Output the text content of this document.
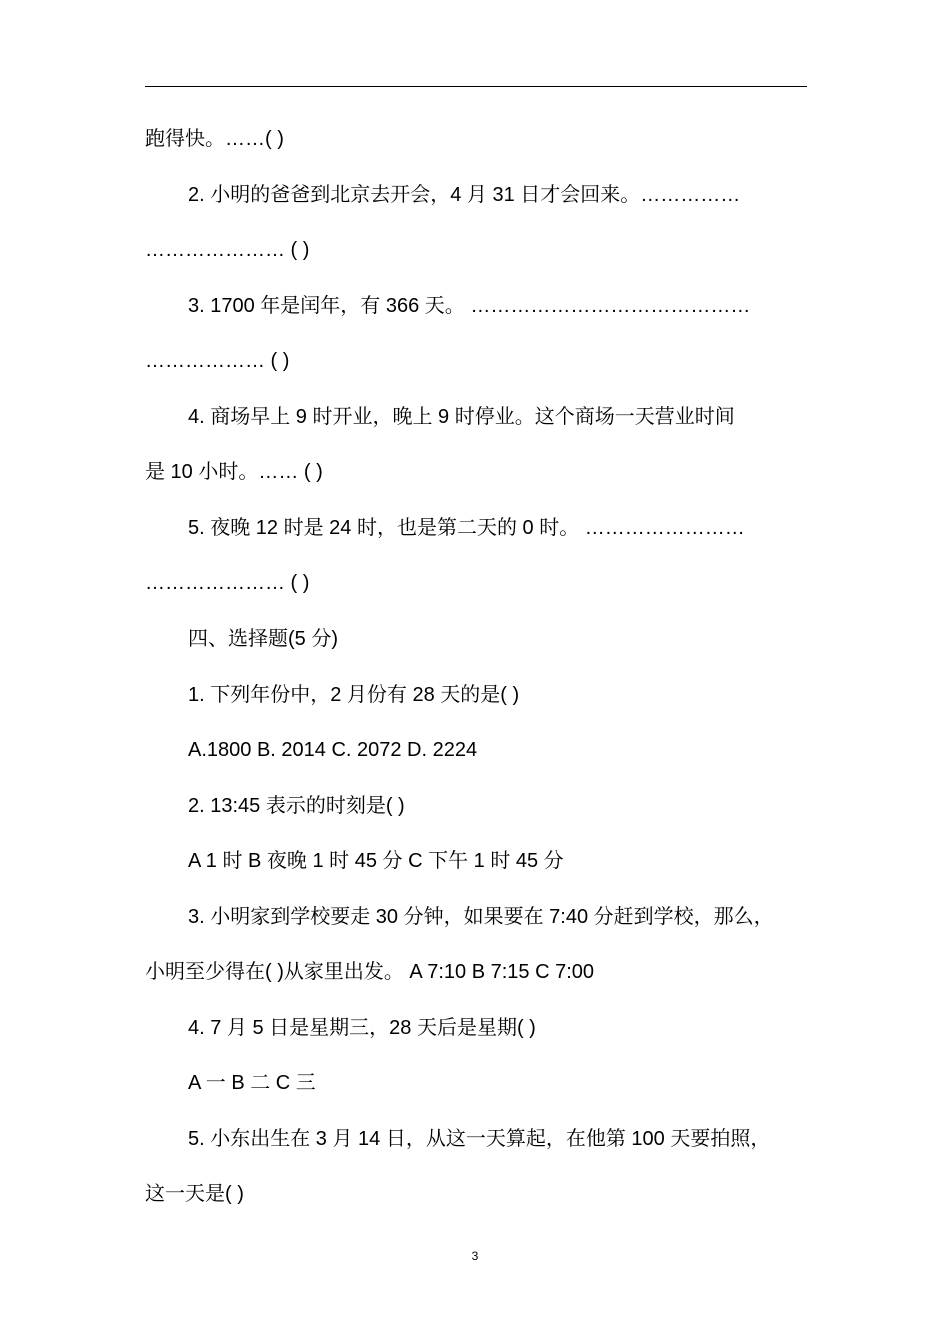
跑得快。……( )
2. 小明的爸爸到北京去开会，4 月 31 日才会回来。……………
………………… ( )
3. 1700 年是闰年，有 366 天。 ……………………………………
……………… ( )
4. 商场早上 9 时开业，晚上 9 时停业。这个商场一天营业时间
是 10 小时。…… ( )
5. 夜晚 12 时是 24 时，也是第二天的 0 时。 ……………………
………………… ( )
四、选择题(5 分)
1. 下列年份中，2 月份有 28 天的是( )
A.1800 B. 2014 C. 2072 D. 2224
2. 13:45 表示的时刻是( )
A 1 时 B 夜晚 1 时 45 分 C 下午 1 时 45 分
3. 小明家到学校要走 30 分钟，如果要在 7:40 分赶到学校，那么，
小明至少得在( )从家里出发。 A 7:10 B 7:15 C 7:00
4. 7 月 5 日是星期三，28 天后是星期( )
A 一 B 二 C 三
5. 小东出生在 3 月 14 日，从这一天算起，在他第 100 天要拍照，
这一天是( )
3
